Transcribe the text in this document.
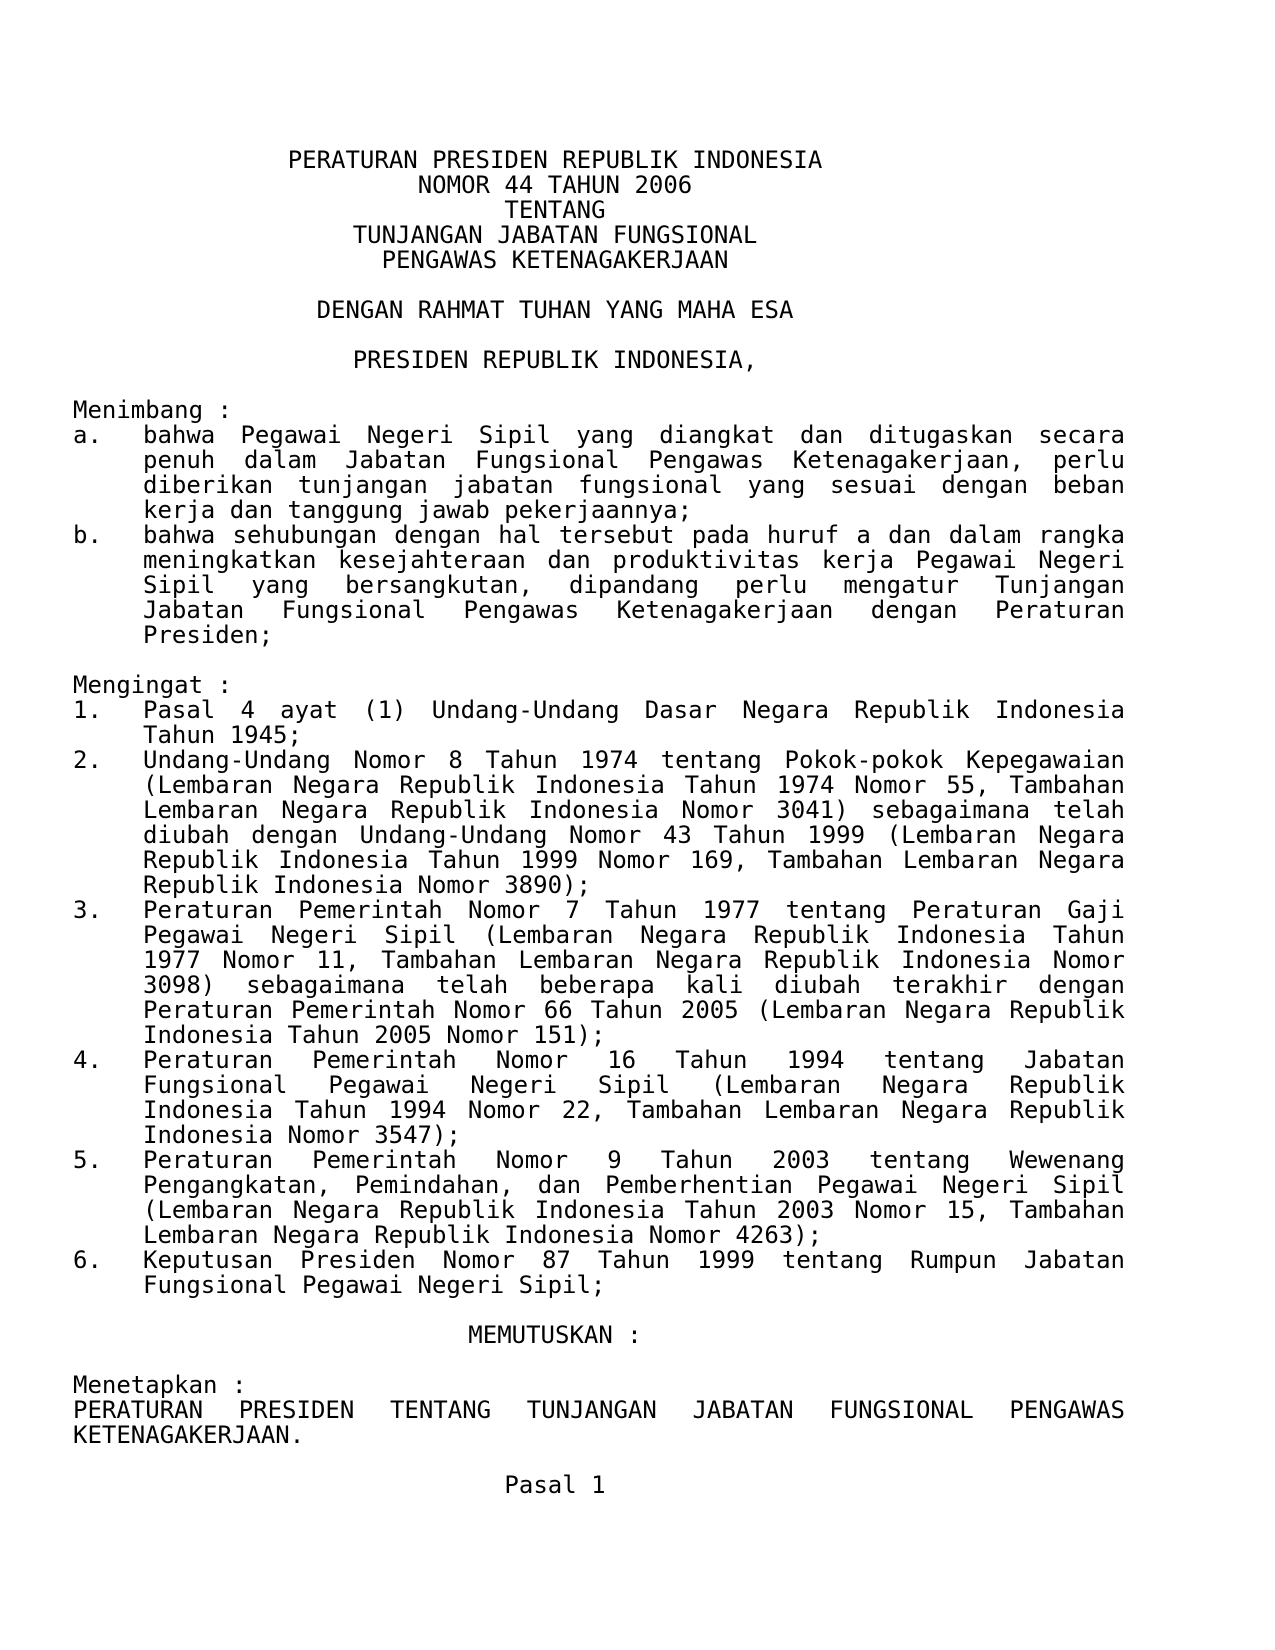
PERATURAN PRESIDEN REPUBLIK INDONESIA
NOMOR 44 TAHUN 2006
TENTANG
TUNJANGAN JABATAN FUNGSIONAL
PENGAWAS KETENAGAKERJAAN
DENGAN RAHMAT TUHAN YANG MAHA ESA
PRESIDEN REPUBLIK INDONESIA,
Menimbang :
a. bahwa Pegawai Negeri Sipil yang diangkat dan ditugaskan secara
penuh dalam Jabatan Fungsional Pengawas Ketenagakerjaan, perlu
diberikan tunjangan jabatan fungsional yang sesuai dengan beban
kerja dan tanggung jawab pekerjaannya;
b. bahwa sehubungan dengan hal tersebut pada huruf a dan dalam rangka
meningkatkan kesejahteraan dan produktivitas kerja Pegawai Negeri
Sipil yang bersangkutan, dipandang perlu mengatur Tunjangan
Jabatan Fungsional Pengawas Ketenagakerjaan dengan Peraturan
Presiden;
Mengingat :
1. Pasal 4 ayat (1) Undang-Undang Dasar Negara Republik Indonesia
Tahun 1945;
2. Undang-Undang Nomor 8 Tahun 1974 tentang Pokok-pokok Kepegawaian
(Lembaran Negara Republik Indonesia Tahun 1974 Nomor 55, Tambahan
Lembaran Negara Republik Indonesia Nomor 3041) sebagaimana telah
diubah dengan Undang-Undang Nomor 43 Tahun 1999 (Lembaran Negara
Republik Indonesia Tahun 1999 Nomor 169, Tambahan Lembaran Negara
Republik Indonesia Nomor 3890);
3. Peraturan Pemerintah Nomor 7 Tahun 1977 tentang Peraturan Gaji
Pegawai Negeri Sipil (Lembaran Negara Republik Indonesia Tahun
1977 Nomor 11, Tambahan Lembaran Negara Republik Indonesia Nomor
3098) sebagaimana telah beberapa kali diubah terakhir dengan
Peraturan Pemerintah Nomor 66 Tahun 2005 (Lembaran Negara Republik
Indonesia Tahun 2005 Nomor 151);
4. Peraturan Pemerintah Nomor 16 Tahun 1994 tentang Jabatan
Fungsional Pegawai Negeri Sipil (Lembaran Negara Republik
Indonesia Tahun 1994 Nomor 22, Tambahan Lembaran Negara Republik
Indonesia Nomor 3547);
5. Peraturan Pemerintah Nomor 9 Tahun 2003 tentang Wewenang
Pengangkatan, Pemindahan, dan Pemberhentian Pegawai Negeri Sipil
(Lembaran Negara Republik Indonesia Tahun 2003 Nomor 15, Tambahan
Lembaran Negara Republik Indonesia Nomor 4263);
6. Keputusan Presiden Nomor 87 Tahun 1999 tentang Rumpun Jabatan
Fungsional Pegawai Negeri Sipil;
MEMUTUSKAN :
Menetapkan :
PERATURAN PRESIDEN TENTANG TUNJANGAN JABATAN FUNGSIONAL PENGAWAS
KETENAGAKERJAAN.
Pasal 1
